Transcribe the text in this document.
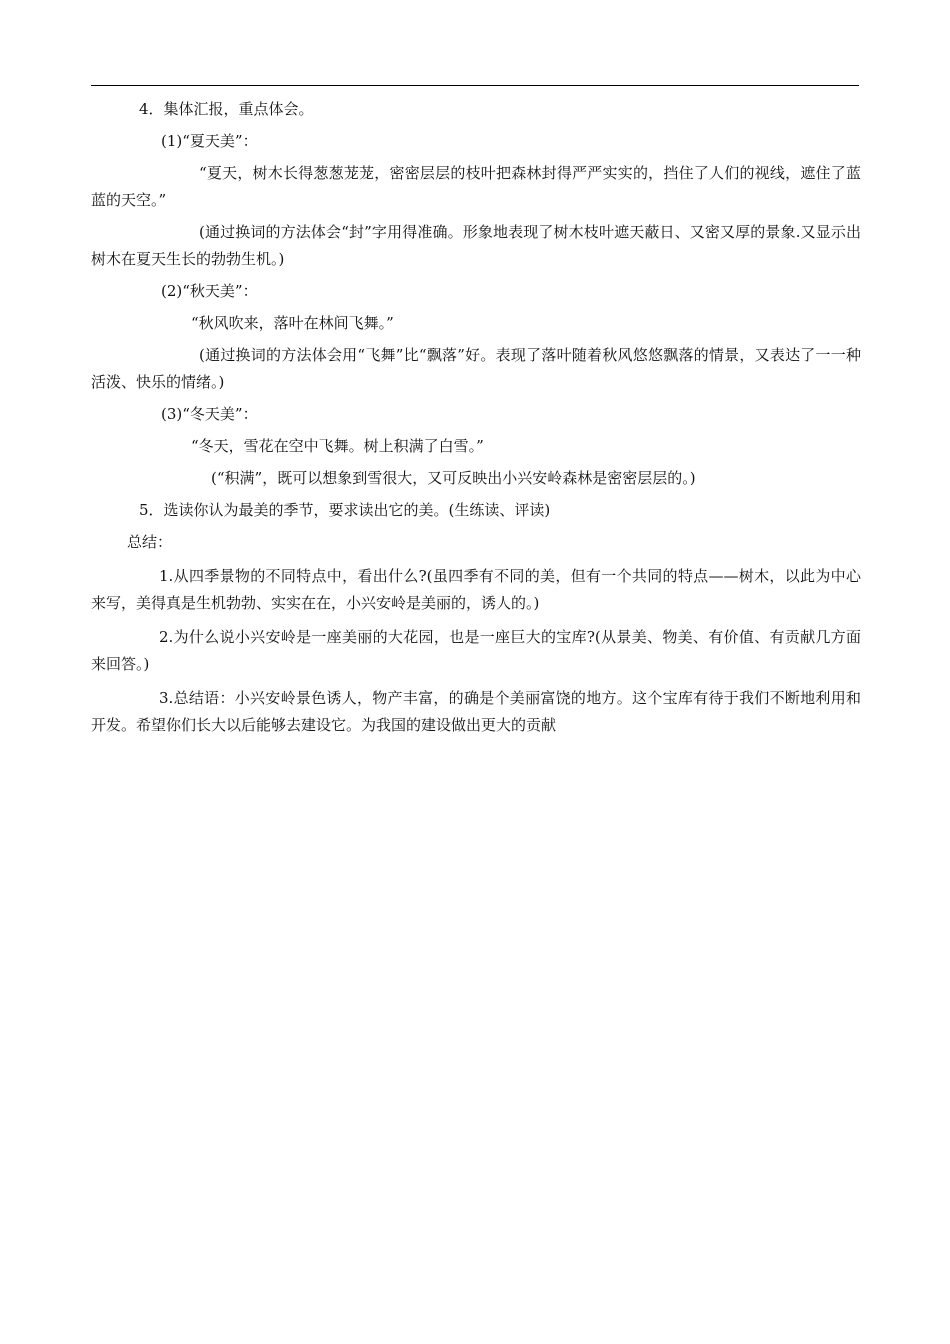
4．集体汇报，重点体会。

(1)“夏天美”：

“夏天，树木长得葱葱茏茏，密密层层的枝叶把森林封得严严实实的，挡住了人们的视线，遮住了蓝蓝的天空。”

(通过换词的方法体会“封”字用得准确。形象地表现了树木枝叶遮天蔽日、又密又厚的景象.又显示出树木在夏天生长的勃勃生机。)

(2)“秋天美”：

“秋风吹来，落叶在林间飞舞。”

(通过换词的方法体会用“飞舞”比“飘落”好。表现了落叶随着秋风悠悠飘落的情景，又表达了一一种活泼、快乐的情绪。)

(3)“冬天美”：

“冬天，雪花在空中飞舞。树上积满了白雪。”

(“积满”，既可以想象到雪很大，又可反映出小兴安岭森林是密密层层的。)

5．选读你认为最美的季节，要求读出它的美。(生练读、评读)

总结：

1.从四季景物的不同特点中，看出什么?(虽四季有不同的美，但有一个共同的特点——树木，以此为中心来写，美得真是生机勃勃、实实在在，小兴安岭是美丽的，诱人的。)

2.为什么说小兴安岭是一座美丽的大花园，也是一座巨大的宝库?(从景美、物美、有价值、有贡献几方面来回答。)

3.总结语：小兴安岭景色诱人，物产丰富，的确是个美丽富饶的地方。这个宝库有待于我们不断地利用和开发。希望你们长大以后能够去建设它。为我国的建设做出更大的贡献
